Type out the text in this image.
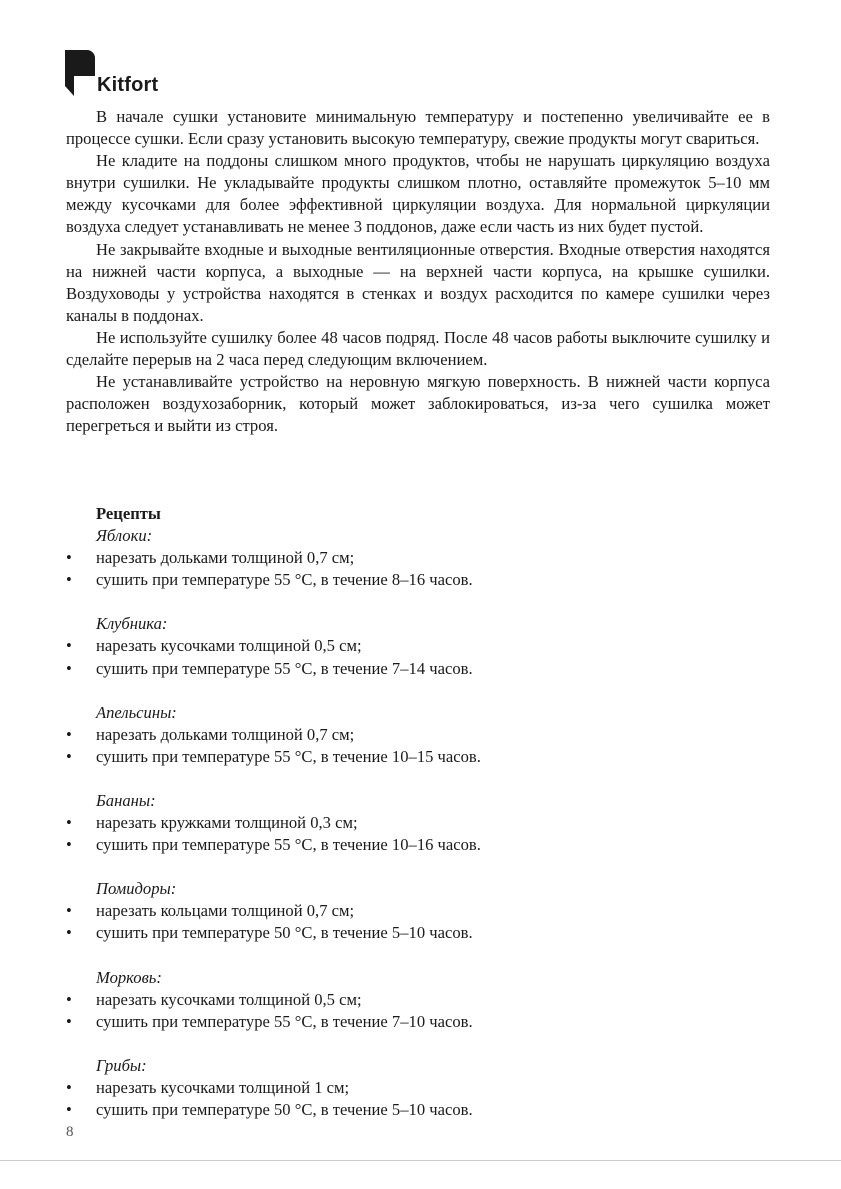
Kitfort

В начале сушки установите минимальную температуру и постепенно увеличивайте ее в процессе сушки. Если сразу установить высокую температуру, свежие продукты могут свариться.

Не кладите на поддоны слишком много продуктов, чтобы не нарушать циркуляцию воздуха внутри сушилки. Не укладывайте продукты слишком плотно, оставляйте промежуток 5–10 мм между кусочками для более эффективной циркуляции воздуха. Для нормальной циркуляции воздуха следует устанавливать не менее 3 поддонов, даже если часть из них будет пустой.

Не закрывайте входные и выходные вентиляционные отверстия. Входные отверстия находятся на нижней части корпуса, а выходные — на верхней части корпуса, на крышке сушилки. Воздуховоды у устройства находятся в стенках и воздух расходится по камере сушилки через каналы в поддонах.

Не используйте сушилку более 48 часов подряд. После 48 часов работы выключите сушилку и сделайте перерыв на 2 часа перед следующим включением.

Не устанавливайте устройство на неровную мягкую поверхность. В нижней части корпуса расположен воздухозаборник, который может заблокироваться, из-за чего сушилка может перегреться и выйти из строя.

Рецепты
Яблоки:
• нарезать дольками толщиной 0,7 см;
• сушить при температуре 55 °C, в течение 8–16 часов.
Клубника:
• нарезать кусочками толщиной 0,5 см;
• сушить при температуре 55 °C, в течение 7–14 часов.
Апельсины:
• нарезать дольками толщиной 0,7 см;
• сушить при температуре 55 °C, в течение 10–15 часов.
Бананы:
• нарезать кружками толщиной 0,3 см;
• сушить при температуре 55 °C, в течение 10–16 часов.
Помидоры:
• нарезать кольцами толщиной 0,7 см;
• сушить при температуре 50 °C, в течение 5–10 часов.
Морковь:
• нарезать кусочками толщиной 0,5 см;
• сушить при температуре 55 °C, в течение 7–10 часов.
Грибы:
• нарезать кусочками толщиной 1 см;
• сушить при температуре 50 °C, в течение 5–10 часов.
8
